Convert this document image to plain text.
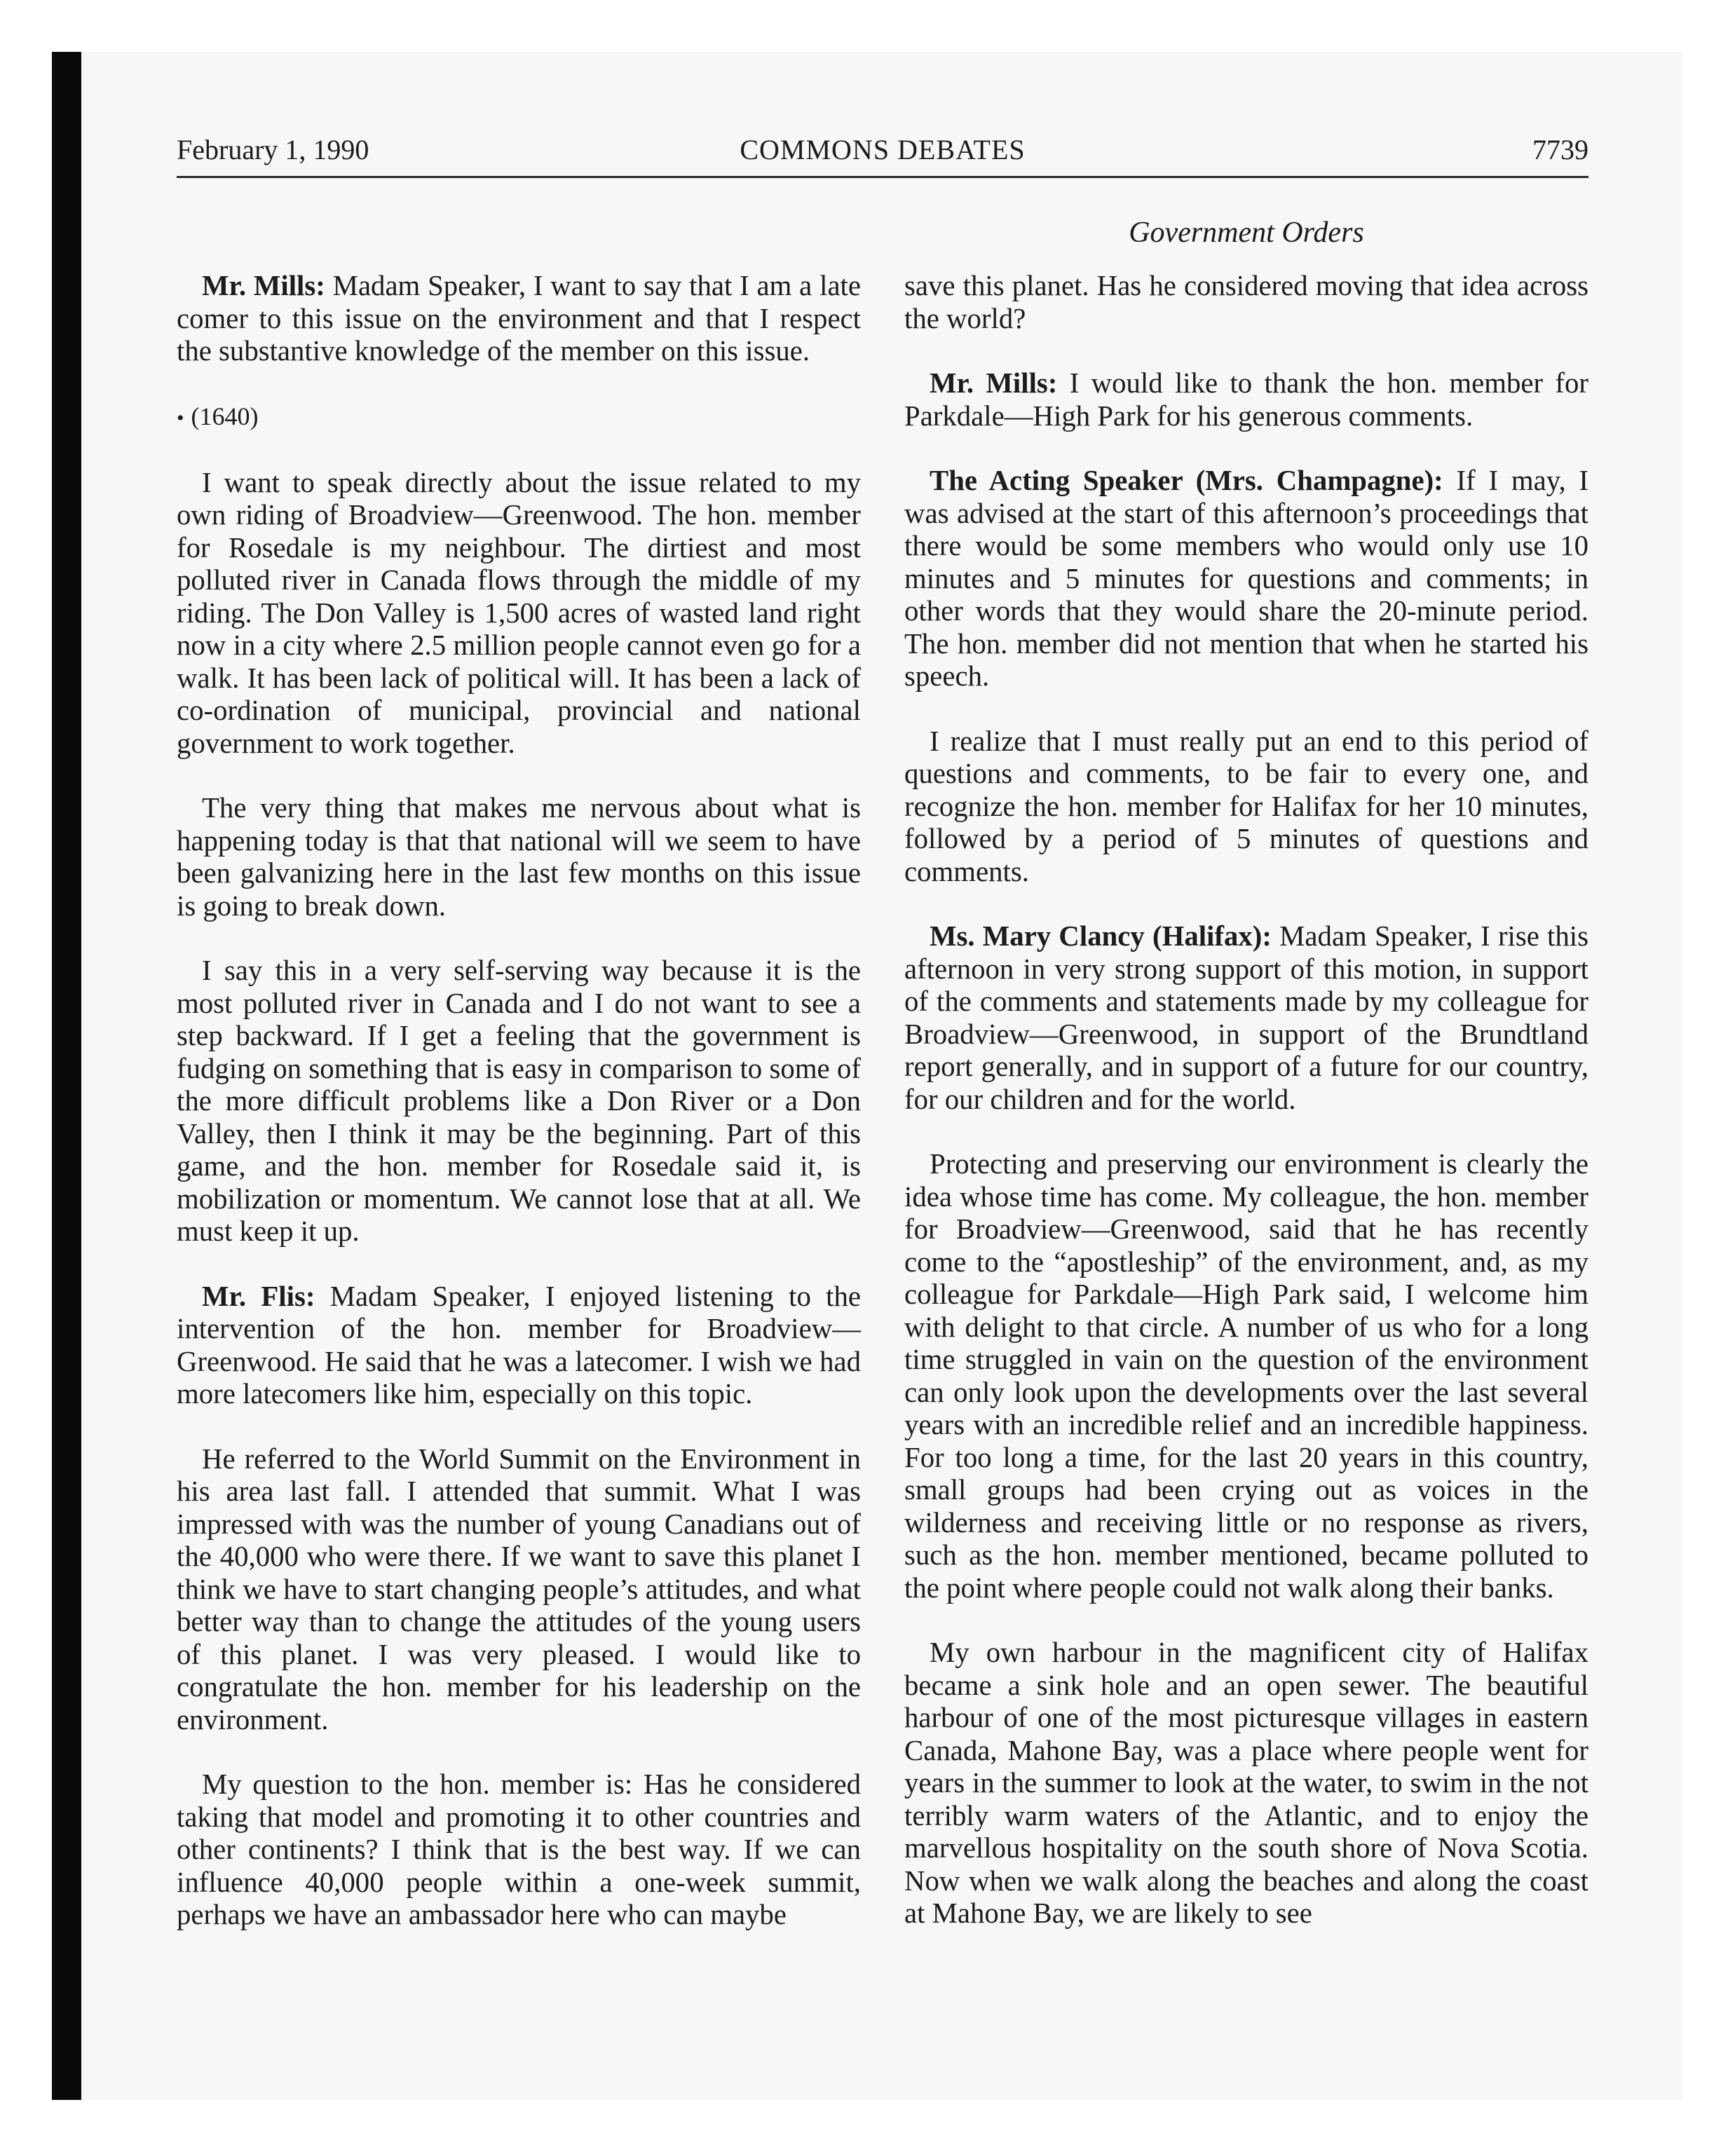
February 1, 1990	COMMONS DEBATES	7739
Government Orders

Mr. Mills: Madam Speaker, I want to say that I am a late comer to this issue on the environment and that I respect the substantive knowledge of the member on this issue.

• (1640)

I want to speak directly about the issue related to my own riding of Broadview—Greenwood. The hon. member for Rosedale is my neighbour. The dirtiest and most polluted river in Canada flows through the middle of my riding. The Don Valley is 1,500 acres of wasted land right now in a city where 2.5 million people cannot even go for a walk. It has been lack of political will. It has been a lack of co-ordination of municipal, provincial and national government to work together.

The very thing that makes me nervous about what is happening today is that that national will we seem to have been galvanizing here in the last few months on this issue is going to break down.

I say this in a very self-serving way because it is the most polluted river in Canada and I do not want to see a step backward. If I get a feeling that the government is fudging on something that is easy in comparison to some of the more difficult problems like a Don River or a Don Valley, then I think it may be the beginning. Part of this game, and the hon. member for Rosedale said it, is mobilization or momentum. We cannot lose that at all. We must keep it up.

Mr. Flis: Madam Speaker, I enjoyed listening to the intervention of the hon. member for Broadview—Greenwood. He said that he was a latecomer. I wish we had more latecomers like him, especially on this topic.

He referred to the World Summit on the Environment in his area last fall. I attended that summit. What I was impressed with was the number of young Canadians out of the 40,000 who were there. If we want to save this planet I think we have to start changing people’s attitudes, and what better way than to change the attitudes of the young users of this planet. I was very pleased. I would like to congratulate the hon. member for his leadership on the environment.

My question to the hon. member is: Has he considered taking that model and promoting it to other countries and other continents? I think that is the best way. If we can influence 40,000 people within a one-week summit, perhaps we have an ambassador here who can maybe

save this planet. Has he considered moving that idea across the world?

Mr. Mills: I would like to thank the hon. member for Parkdale—High Park for his generous comments.

The Acting Speaker (Mrs. Champagne): If I may, I was advised at the start of this afternoon’s proceedings that there would be some members who would only use 10 minutes and 5 minutes for questions and comments; in other words that they would share the 20-minute period. The hon. member did not mention that when he started his speech.

I realize that I must really put an end to this period of questions and comments, to be fair to every one, and recognize the hon. member for Halifax for her 10 minutes, followed by a period of 5 minutes of questions and comments.

Ms. Mary Clancy (Halifax): Madam Speaker, I rise this afternoon in very strong support of this motion, in support of the comments and statements made by my colleague for Broadview—Greenwood, in support of the Brundtland report generally, and in support of a future for our country, for our children and for the world.

Protecting and preserving our environment is clearly the idea whose time has come. My colleague, the hon. member for Broadview—Greenwood, said that he has recently come to the “apostleship” of the environment, and, as my colleague for Parkdale—High Park said, I welcome him with delight to that circle. A number of us who for a long time struggled in vain on the question of the environment can only look upon the developments over the last several years with an incredible relief and an incredible happiness. For too long a time, for the last 20 years in this country, small groups had been crying out as voices in the wilderness and receiving little or no response as rivers, such as the hon. member mentioned, became polluted to the point where people could not walk along their banks.

My own harbour in the magnificent city of Halifax became a sink hole and an open sewer. The beautiful harbour of one of the most picturesque villages in eastern Canada, Mahone Bay, was a place where people went for years in the summer to look at the water, to swim in the not terribly warm waters of the Atlantic, and to enjoy the marvellous hospitality on the south shore of Nova Scotia. Now when we walk along the beaches and along the coast at Mahone Bay, we are likely to see
